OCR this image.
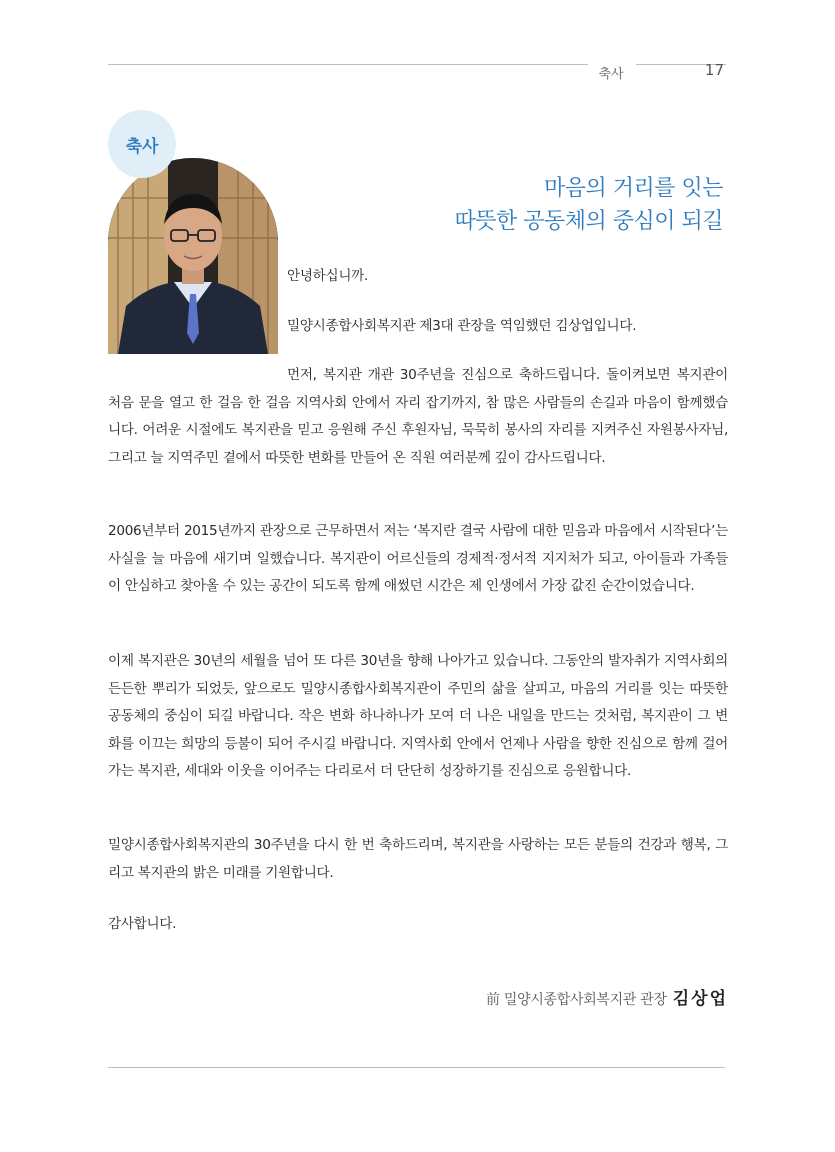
축사	17
축사
마음의 거리를 잇는
따뜻한 공동체의 중심이 되길

안녕하십니까.

밀양시종합사회복지관 제3대 관장을 역임했던 김상업입니다.

먼저, 복지관 개관 30주년을 진심으로 축하드립니다. 돌이켜보면 복지관이 처음 문을 열고 한 걸음 한 걸음 지역사회 안에서 자리 잡기까지, 참 많은 사람들의 손길과 마음이 함께했습니다. 어려운 시절에도 복지관을 믿고 응원해 주신 후원자님, 묵묵히 봉사의 자리를 지켜주신 자원봉사자님, 그리고 늘 지역주민 곁에서 따뜻한 변화를 만들어 온 직원 여러분께 깊이 감사드립니다.

2006년부터 2015년까지 관장으로 근무하면서 저는 ‘복지란 결국 사람에 대한 믿음과 마음에서 시작된다’는 사실을 늘 마음에 새기며 일했습니다. 복지관이 어르신들의 경제적·정서적 지지처가 되고, 아이들과 가족들이 안심하고 찾아올 수 있는 공간이 되도록 함께 애썼던 시간은 제 인생에서 가장 값진 순간이었습니다.

이제 복지관은 30년의 세월을 넘어 또 다른 30년을 향해 나아가고 있습니다. 그동안의 발자취가 지역사회의 든든한 뿌리가 되었듯, 앞으로도 밀양시종합사회복지관이 주민의 삶을 살피고, 마음의 거리를 잇는 따뜻한 공동체의 중심이 되길 바랍니다. 작은 변화 하나하나가 모여 더 나은 내일을 만드는 것처럼, 복지관이 그 변화를 이끄는 희망의 등불이 되어 주시길 바랍니다. 지역사회 안에서 언제나 사람을 향한 진심으로 함께 걸어가는 복지관, 세대와 이웃을 이어주는 다리로서 더 단단히 성장하기를 진심으로 응원합니다.

밀양시종합사회복지관의 30주년을 다시 한 번 축하드리며, 복지관을 사랑하는 모든 분들의 건강과 행복, 그리고 복지관의 밝은 미래를 기원합니다.

감사합니다.

前 밀양시종합사회복지관 관장 김상업
